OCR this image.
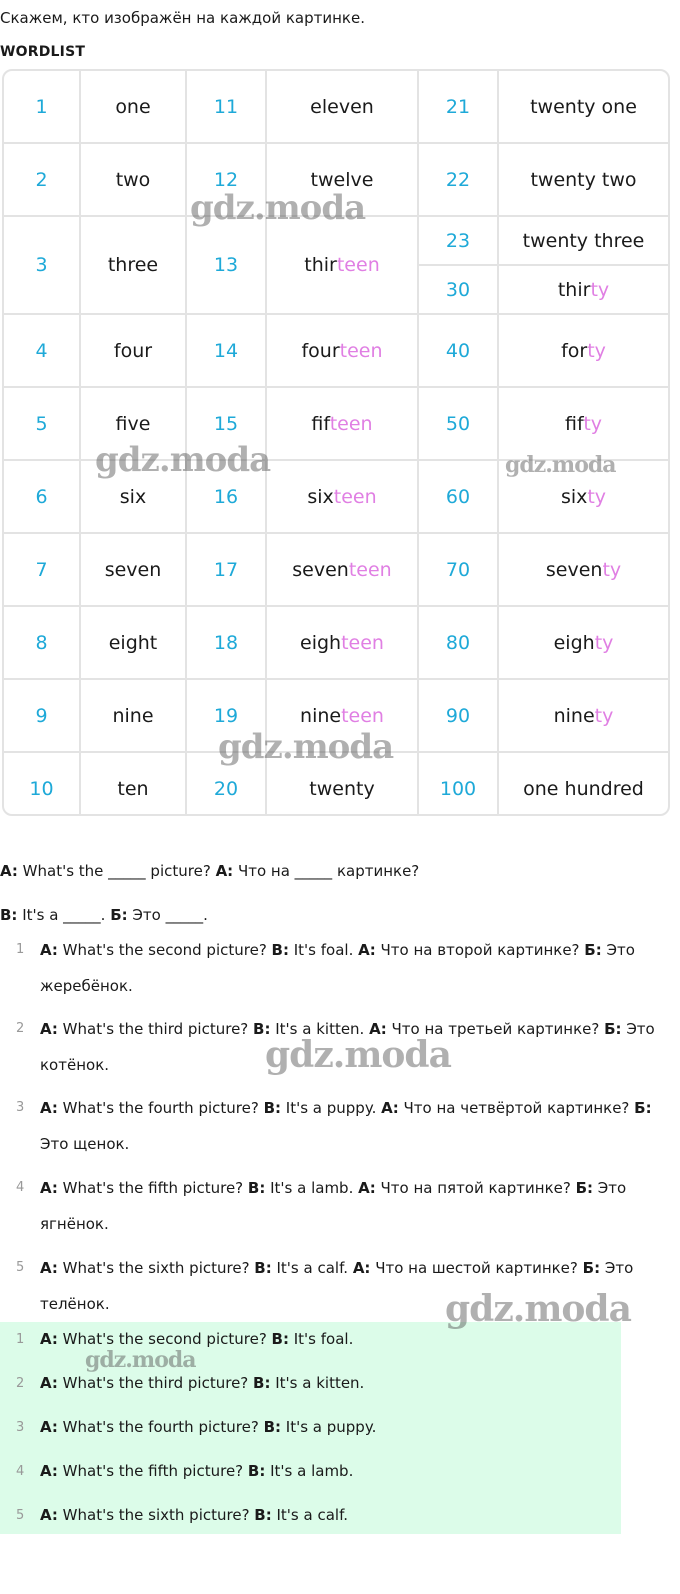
Скажем, кто изображён на каждой картинке.
WORDLIST
1	one	11	eleven	21	twenty one
2	two	12	twelve	22	twenty two
3	three	13	thirteen	23	twenty three
				30	thirty
4	four	14	fourteen	40	forty
5	five	15	fifteen	50	fifty
6	six	16	sixteen	60	sixty
7	seven	17	seventeen	70	seventy
8	eight	18	eighteen	80	eighty
9	nine	19	nineteen	90	ninety
10	ten	20	twenty	100	one hundred
A: What's the _____ picture? А: Что на _____ картинке?
B: It's a _____. Б: Это _____.
1 A: What's the second picture? B: It's foal. А: Что на второй картинке? Б: Это жеребёнок.
2 A: What's the third picture? B: It's a kitten. А: Что на третьей картинке? Б: Это котёнок.
3 A: What's the fourth picture? B: It's a puppy. А: Что на четвёртой картинке? Б: Это щенок.
4 A: What's the fifth picture? B: It's a lamb. А: Что на пятой картинке? Б: Это ягнёнок.
5 A: What's the sixth picture? B: It's a calf. А: Что на шестой картинке? Б: Это телёнок.
1 A: What's the second picture? B: It's foal.
2 A: What's the third picture? B: It's a kitten.
3 A: What's the fourth picture? B: It's a puppy.
4 A: What's the fifth picture? B: It's a lamb.
5 A: What's the sixth picture? B: It's a calf.
gdz.moda
gdz.moda	gdz.moda
gdz.moda
gdz.moda
gdz.moda
gdz.moda
